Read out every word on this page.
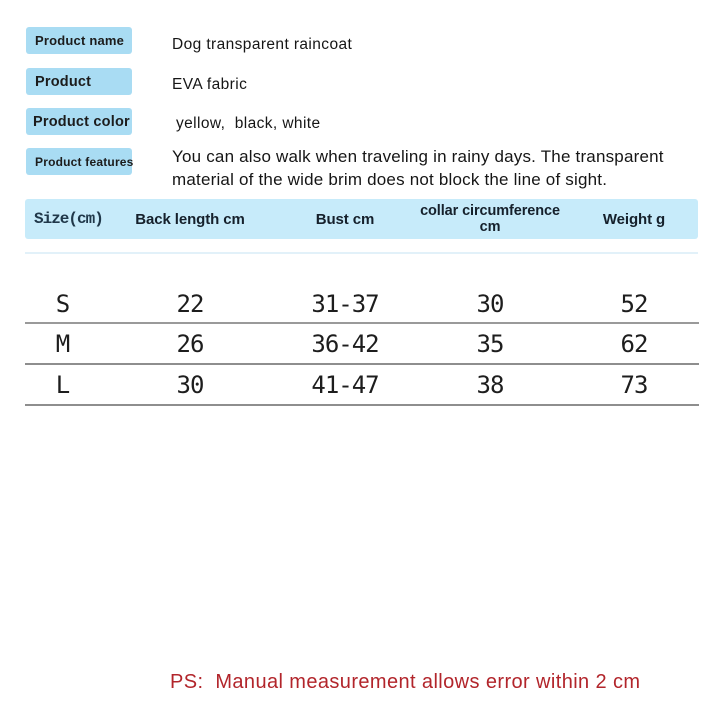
Product name	Dog transparent raincoat
Product	EVA fabric
Product color	yellow,  black, white
Product features You can also walk when traveling in rainy days. The transparent material of the wide brim does not block the line of sight.
Size(cm)	Back length cm	Bust cm	collar circumference cm	Weight g
S	22	31-37	30	52
M	26	36-42	35	62
L	30	41-47	38	73
PS:  Manual measurement allows error within 2 cm
